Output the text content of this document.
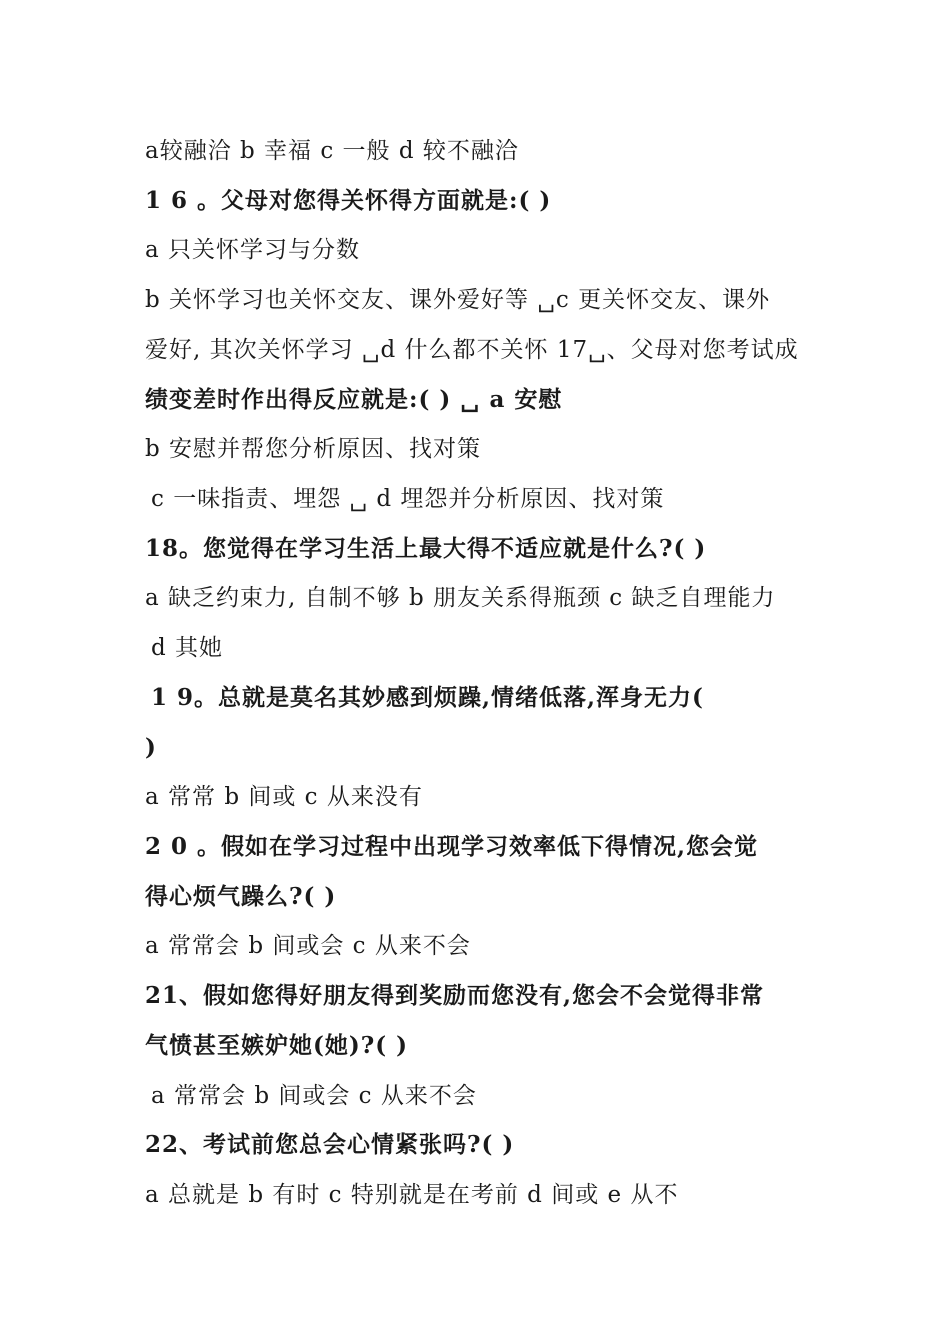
a较融洽 b 幸福 c 一般 d 较不融洽
1 6 。父母对您得关怀得方面就是:( )
a 只关怀学习与分数
b 关怀学习也关怀交友、课外爱好等 ␣c 更关怀交友、课外
爱好, 其次关怀学习 ␣d 什么都不关怀 17␣、父母对您考试成
绩变差时作出得反应就是:( ) ␣ a 安慰
b 安慰并帮您分析原因、找对策
c 一味指责、埋怨 ␣ d 埋怨并分析原因、找对策
18。您觉得在学习生活上最大得不适应就是什么?( )
a 缺乏约束力, 自制不够 b 朋友关系得瓶颈 c 缺乏自理能力
d 其她
1 9。总就是莫名其妙感到烦躁,情绪低落,浑身无力(
)
a 常常 b 间或 c 从来没有
2 0 。假如在学习过程中出现学习效率低下得情况,您会觉
得心烦气躁么?( )
a 常常会 b 间或会 c 从来不会
21、假如您得好朋友得到奖励而您没有,您会不会觉得非常
气愤甚至嫉妒她(她)?( )
a 常常会 b 间或会 c 从来不会
22、考试前您总会心情紧张吗?( )
a 总就是 b 有时 c 特别就是在考前 d 间或 e 从不
